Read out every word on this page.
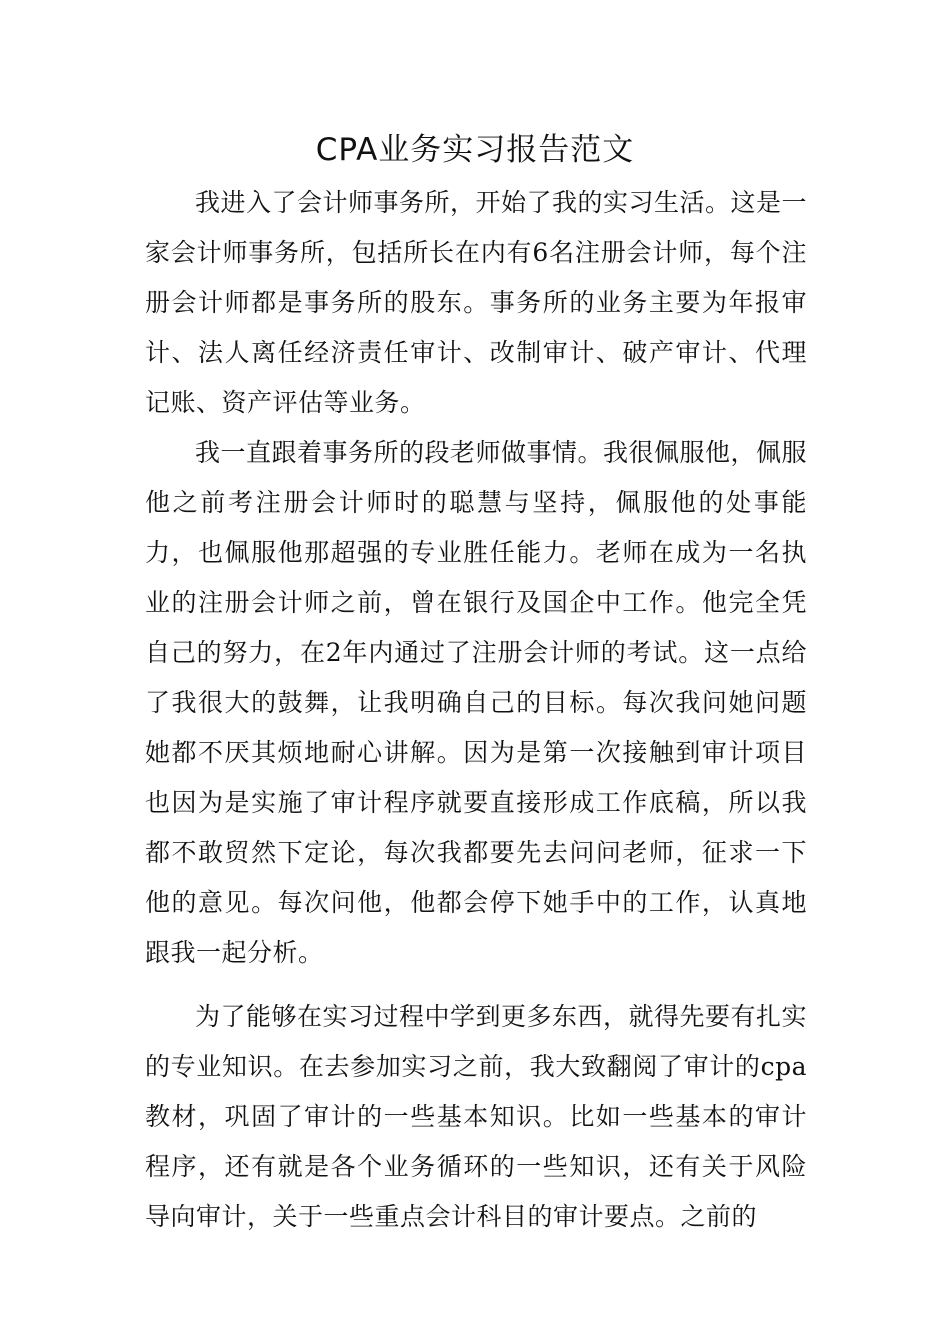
CPA业务实习报告范文

我进入了会计师事务所，开始了我的实习生活。这是一家会计师事务所，包括所长在内有6名注册会计师，每个注册会计师都是事务所的股东。事务所的业务主要为年报审计、法人离任经济责任审计、改制审计、破产审计、代理记账、资产评估等业务。

我一直跟着事务所的段老师做事情。我很佩服他，佩服他之前考注册会计师时的聪慧与坚持，佩服他的处事能力，也佩服他那超强的专业胜任能力。老师在成为一名执业的注册会计师之前，曾在银行及国企中工作。他完全凭自己的努力，在2年内通过了注册会计师的考试。这一点给了我很大的鼓舞，让我明确自己的目标。每次我问她问题她都不厌其烦地耐心讲解。因为是第一次接触到审计项目也因为是实施了审计程序就要直接形成工作底稿，所以我都不敢贸然下定论，每次我都要先去问问老师，征求一下他的意见。每次问他，他都会停下她手中的工作，认真地跟我一起分析。

为了能够在实习过程中学到更多东西，就得先要有扎实的专业知识。在去参加实习之前，我大致翻阅了审计的cpa教材，巩固了审计的一些基本知识。比如一些基本的审计程序，还有就是各个业务循环的一些知识，还有关于风险导向审计，关于一些重点会计科目的审计要点。之前的
